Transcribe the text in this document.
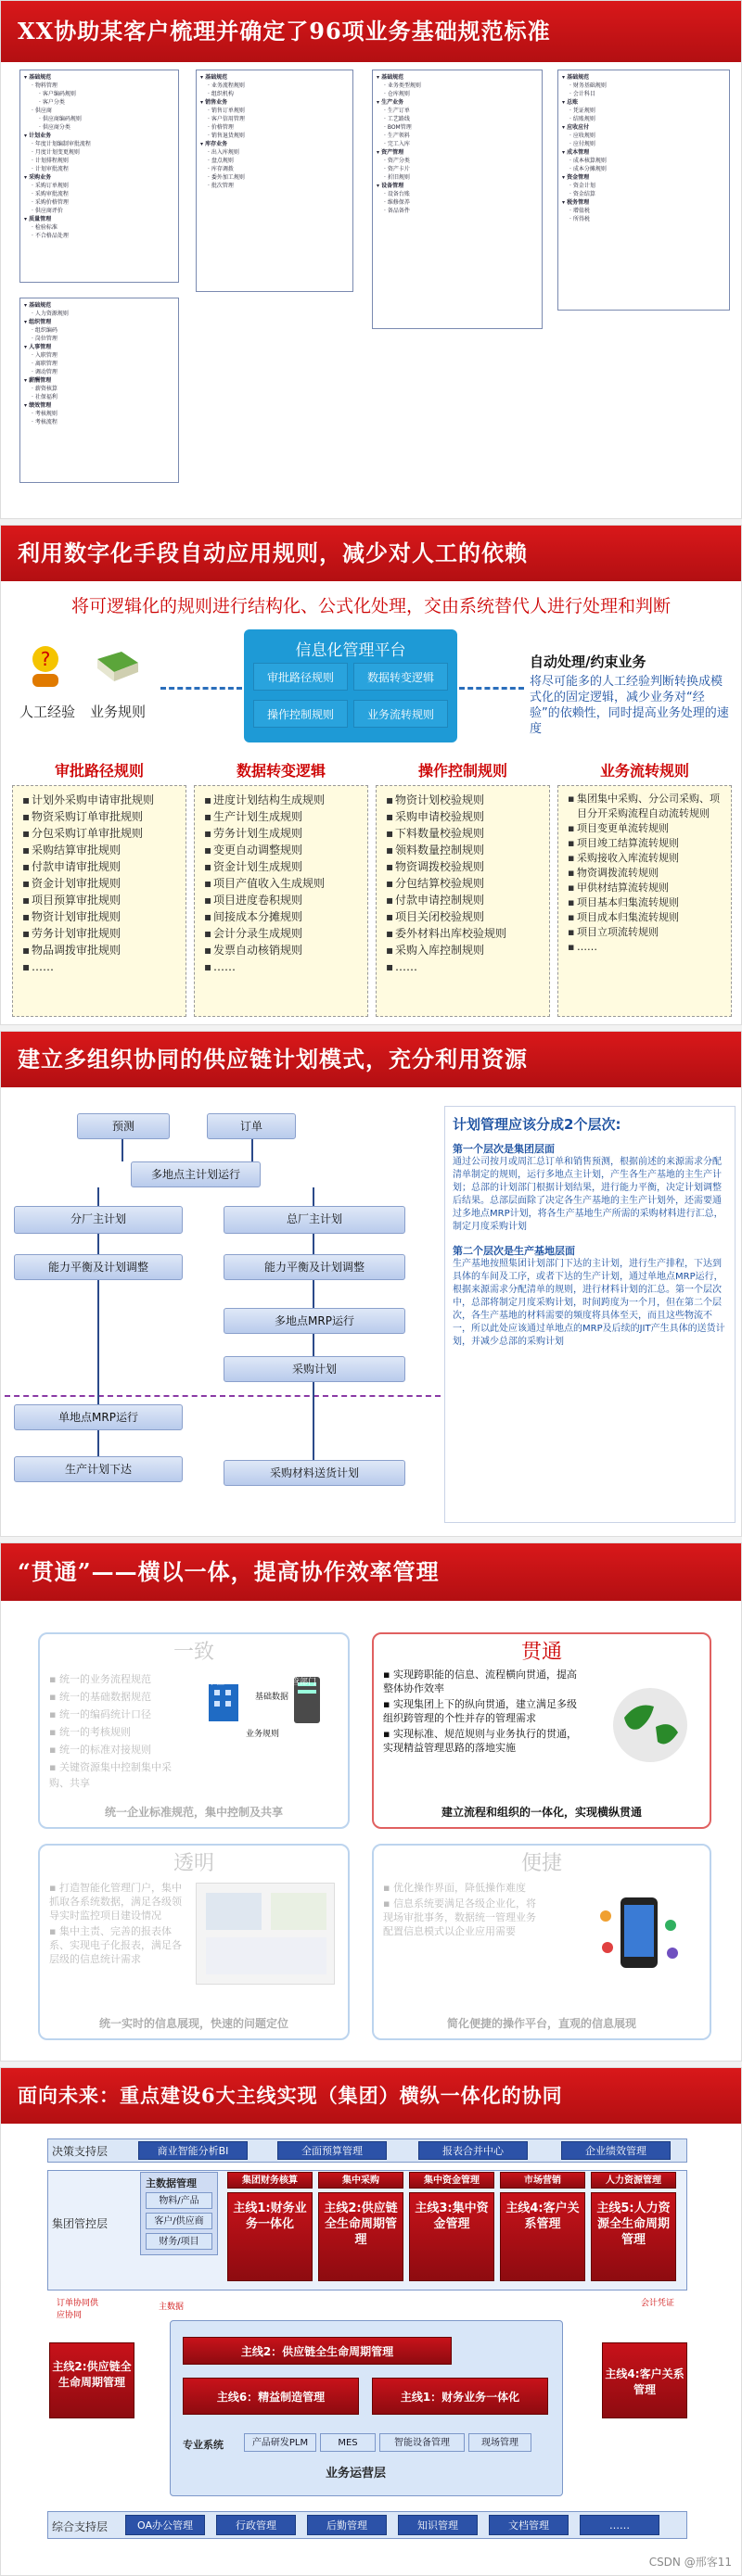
XX协助某客户梳理并确定了96项业务基础规范标准
▾ 基础规范
· 物料管理
· 客户编码规则
· 客户分类
· 供应商
· 供应商编码规则
· 供应商分类
▾ 计划业务
· 年度计划编制审批流程
· 月度计划变更规则
· 计划排程规则
· 计划审批流程
▾ 采购业务
· 采购订单规则
· 采购审批流程
· 采购价格管理
· 供应商评价
▾ 质量管理
· 检验标准
· 不合格品处理
▾ 基础规范
· 业务流程规则
· 组织机构
▾ 销售业务
· 销售订单规则
· 客户信用管理
· 价格管理
· 销售退货规则
▾ 库存业务
· 出入库规则
· 盘点规则
· 库存调拨
· 委外加工规则
· 批次管理
▾ 基础规范
· 业务类型规则
· 仓库规则
▾ 生产业务
· 生产订单
· 工艺路线
· BOM管理
· 生产领料
· 完工入库
▾ 资产管理
· 资产分类
· 资产卡片
· 折旧规则
▾ 设备管理
· 设备台账
· 维修保养
· 备品备件
▾ 基础规范
· 财务基础规则
· 会计科目
▾ 总账
· 凭证规则
· 结账规则
▾ 应收应付
· 应收规则
· 应付规则
▾ 成本管理
· 成本核算规则
· 成本分摊规则
▾ 资金管理
· 资金计划
· 资金结算
▾ 税务管理
· 增值税
· 所得税
▾ 基础规范
· 人力资源规则
▾ 组织管理
· 组织编码
· 岗位管理
▾ 人事管理
· 入职管理
· 离职管理
· 调动管理
▾ 薪酬管理
· 薪资核算
· 社保福利
▾ 绩效管理
· 考核规则
· 考核流程
利用数字化手段自动应用规则，减少对人工的依赖
将可逻辑化的规则进行结构化、公式化处理，交由系统替代人进行处理和判断
?
人工经验 业务规则
信息化管理平台
审批路径规则	数据转变逻辑
操作控制规则	业务流转规则
自动处理/约束业务
将尽可能多的人工经验判断转换成模式化的固定逻辑，减少业务对“经验”的依赖性，同时提高业务处理的速度
审批路径规则
▪ 计划外采购申请审批规则
▪ 物资采购订单审批规则
▪ 分包采购订单审批规则
▪ 采购结算审批规则
▪ 付款申请审批规则
▪ 资金计划审批规则
▪ 项目预算审批规则
▪ 物资计划审批规则
▪ 劳务计划审批规则
▪ 物品调拨审批规则
▪ ……
数据转变逻辑
▪ 进度计划结构生成规则
▪ 生产计划生成规则
▪ 劳务计划生成规则
▪ 变更自动调整规则
▪ 资金计划生成规则
▪ 项目产值收入生成规则
▪ 项目进度卷积规则
▪ 间接成本分摊规则
▪ 会计分录生成规则
▪ 发票自动核销规则
▪ ……
操作控制规则
▪ 物资计划校验规则
▪ 采购申请校验规则
▪ 下料数量校验规则
▪ 领料数量控制规则
▪ 物资调拨校验规则
▪ 分包结算校验规则
▪ 付款申请控制规则
▪ 项目关闭校验规则
▪ 委外材料出库校验规则
▪ 采购入库控制规则
▪ ……
业务流转规则
▪ 集团集中采购、分公司采购、项目分开采购流程自动流转规则
▪ 项目变更单流转规则
▪ 项目竣工结算流转规则
▪ 采购接收入库流转规则
▪ 物资调拨流转规则
▪ 甲供材结算流转规则
▪ 项目基本归集流转规则
▪ 项目成本归集流转规则
▪ 项目立项流转规则
▪ ……
建立多组织协同的供应链计划模式，充分利用资源
预测	订单
多地点主计划运行
分厂主计划
能力平衡及计划调整
总厂主计划
能力平衡及计划调整
多地点MRP运行
采购计划
单地点MRP运行
生产计划下达	采购材料送货计划
计划管理应该分成2个层次:
第一个层次是集团层面
通过公司按月或周汇总订单和销售预测，根据前述的来源需求分配清单制定的规则，运行多地点主计划，产生各生产基地的主生产计划；总部的计划部门根据计划结果，进行能力平衡，决定计划调整后结果。总部层面除了决定各生产基地的主生产计划外，还需要通过多地点MRP计划，将各生产基地生产所需的采购材料进行汇总，制定月度采购计划
第二个层次是生产基地层面
生产基地按照集团计划部门下达的主计划，进行生产排程，下达到具体的车间及工序，或者下达的生产计划，通过单地点MRP运行，根据来源需求分配清单的规则，进行材料计划的汇总。第一个层次中，总部将制定月度采购计划，时间跨度为一个月，但在第二个层次，各生产基地的材料需要的频度将具体至天，而且这些物流不一，所以此处应该通过单地点的MRP及后续的JIT产生具体的送货计划，并减少总部的采购计划
“贯通”——横以一体，提高协作效率管理
一致
▪ 统一的业务流程规范
▪ 统一的基础数据规范
▪ 统一的编码统计口径
▪ 统一的考核规则
▪ 统一的标准对接规则
▪ 关键资源集中控制集中采购、共享
合单位	主管部门
基础数据
业务规则
统一企业标准规范，集中控制及共享
贯通
▪ 实现跨职能的信息、流程横向贯通，提高整体协作效率
▪ 实现集团上下的纵向贯通，建立满足多级组织跨管理的个性并存的管理需求
▪ 实现标准、规范规则与业务执行的贯通，实现精益管理思路的落地实施
建立流程和组织的一体化，实现横纵贯通
透明
▪ 打造智能化管理门户，集中抓取各系统数据，满足各级领导实时监控项目建设情况
▪ 集中主责、完善的报表体系、实现电子化报表，满足各层级的信息统计需求
统一实时的信息展现，快速的问题定位
便捷
▪ 优化操作界面，降低操作难度
▪ 信息系统要满足各级企业化，将现场审批事务，数据统一管理业务配置信息模式以企业应用需要
简化便捷的操作平台，直观的信息展现
面向未来：重点建设6大主线实现（集团）横纵一体化的协同
决策支持层	商业智能分析BI	全面预算管理	报表合并中心	企业绩效管理
集团管控层
主数据管理
物料/产品
客户/供应商
财务/项目
集团财务核算
主线1:财务业务一体化
集中采购
主线2:供应链全生命周期管理
集中资金管理
主线3:集中资金管理
市场营销
主线4:客户关系管理
人力资源管理
主线5:人力资源全生命周期管理
订单协同供应协同
主数据	会计凭证
主线2:供应链全生命周期管理
主线4:客户关系管理
主线2：供应链全生命周期管理
主线6：精益制造管理	主线1：财务业务一体化
专业系统	产品研发PLM	MES	智能设备管理	现场管理
业务运营层
综合支持层	OA办公管理	行政管理	后勤管理	知识管理	文档管理	……
CSDN @邢客11
